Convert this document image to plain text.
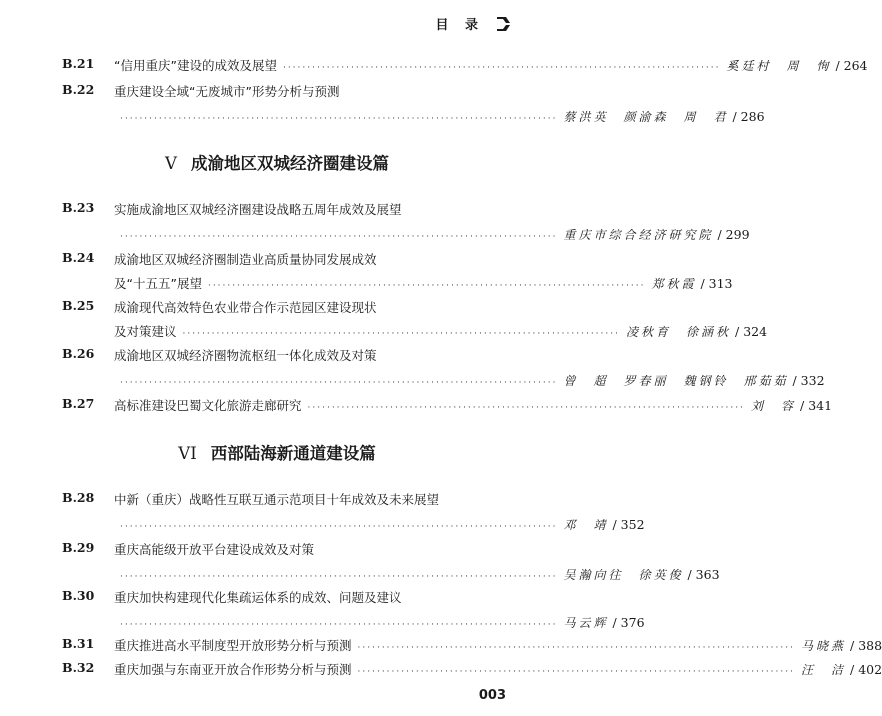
目 录
B.21 “信用重庆”建设的成效及展望 ·························································································· 奚廷村　周　恂 / 264
B.22 重庆建设全域“无废城市”形势分析与预测
·························································································· 蔡洪英　颜渝森　周　君 / 286
V 成渝地区双城经济圈建设篇
B.23 实施成渝地区双城经济圈建设战略五周年成效及展望
·························································································· 重庆市综合经济研究院 / 299
B.24 成渝地区双城经济圈制造业高质量协同发展成效
及“十五五”展望 ·························································································· 郑秋霞 / 313
B.25 成渝现代高效特色农业带合作示范园区建设现状
及对策建议 ·························································································· 凌秋育　徐涵秋 / 324
B.26 成渝地区双城经济圈物流枢纽一体化成效及对策
·························································································· 曾　超　罗春丽　魏钢铃　邢茹茹 / 332
B.27 高标准建设巴蜀文化旅游走廊研究 ·························································································· 刘　容 / 341
VI 西部陆海新通道建设篇
B.28 中新（重庆）战略性互联互通示范项目十年成效及未来展望
·························································································· 邓　靖 / 352
B.29 重庆高能级开放平台建设成效及对策
·························································································· 吴瀚向往　徐英俊 / 363
B.30 重庆加快构建现代化集疏运体系的成效、问题及建议
·························································································· 马云辉 / 376
B.31 重庆推进高水平制度型开放形势分析与预测 ·························································································· 马晓燕 / 388
B.32 重庆加强与东南亚开放合作形势分析与预测 ·························································································· 汪　洁 / 402
003
